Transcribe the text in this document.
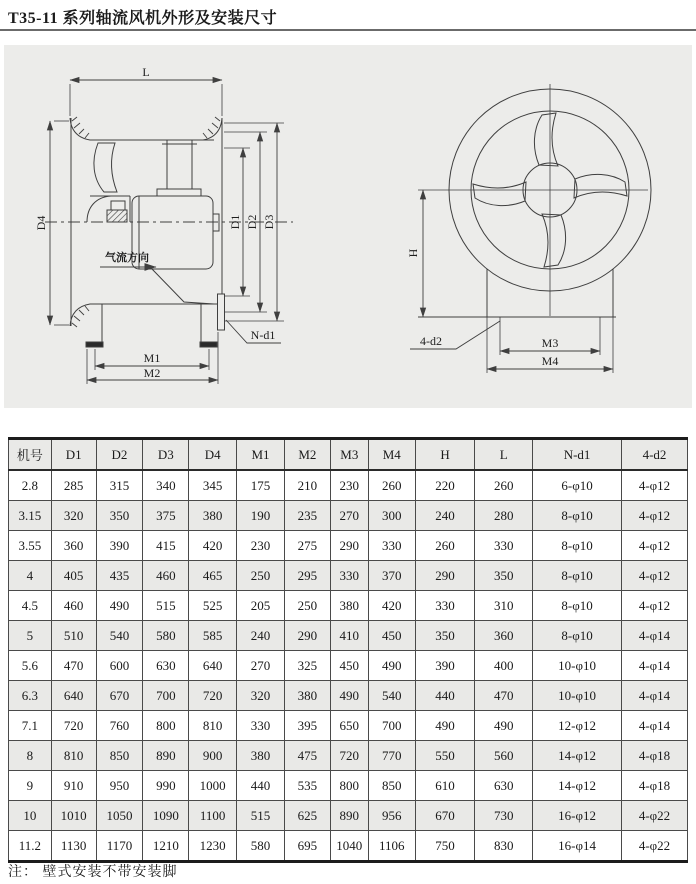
T35-11 系列轴流风机外形及安装尺寸
L
D4	D1 D2 D3
M1
M2
N-d1
气流方向	H
M3
M4
4-d2
机号	D1	D2	D3	D4	M1	M2	M3	M4	H	L	N-d1	4-d2
2.8	285	315	340	345	175	210	230	260	220	260	6-φ10	4-φ12
3.15	320	350	375	380	190	235	270	300	240	280	8-φ10	4-φ12
3.55	360	390	415	420	230	275	290	330	260	330	8-φ10	4-φ12
4	405	435	460	465	250	295	330	370	290	350	8-φ10	4-φ12
4.5	460	490	515	525	205	250	380	420	330	310	8-φ10	4-φ12
5	510	540	580	585	240	290	410	450	350	360	8-φ10	4-φ14
5.6	470	600	630	640	270	325	450	490	390	400	10-φ10	4-φ14
6.3	640	670	700	720	320	380	490	540	440	470	10-φ10	4-φ14
7.1	720	760	800	810	330	395	650	700	490	490	12-φ12	4-φ14
8	810	850	890	900	380	475	720	770	550	560	14-φ12	4-φ18
9	910	950	990	1000	440	535	800	850	610	630	14-φ12	4-φ18
10	1010	1050	1090	1100	515	625	890	956	670	730	16-φ12	4-φ22
11.2	1130	1170	1210	1230	580	695	1040	1106	750	830	16-φ14	4-φ22
注： 壁式安装不带安装脚
